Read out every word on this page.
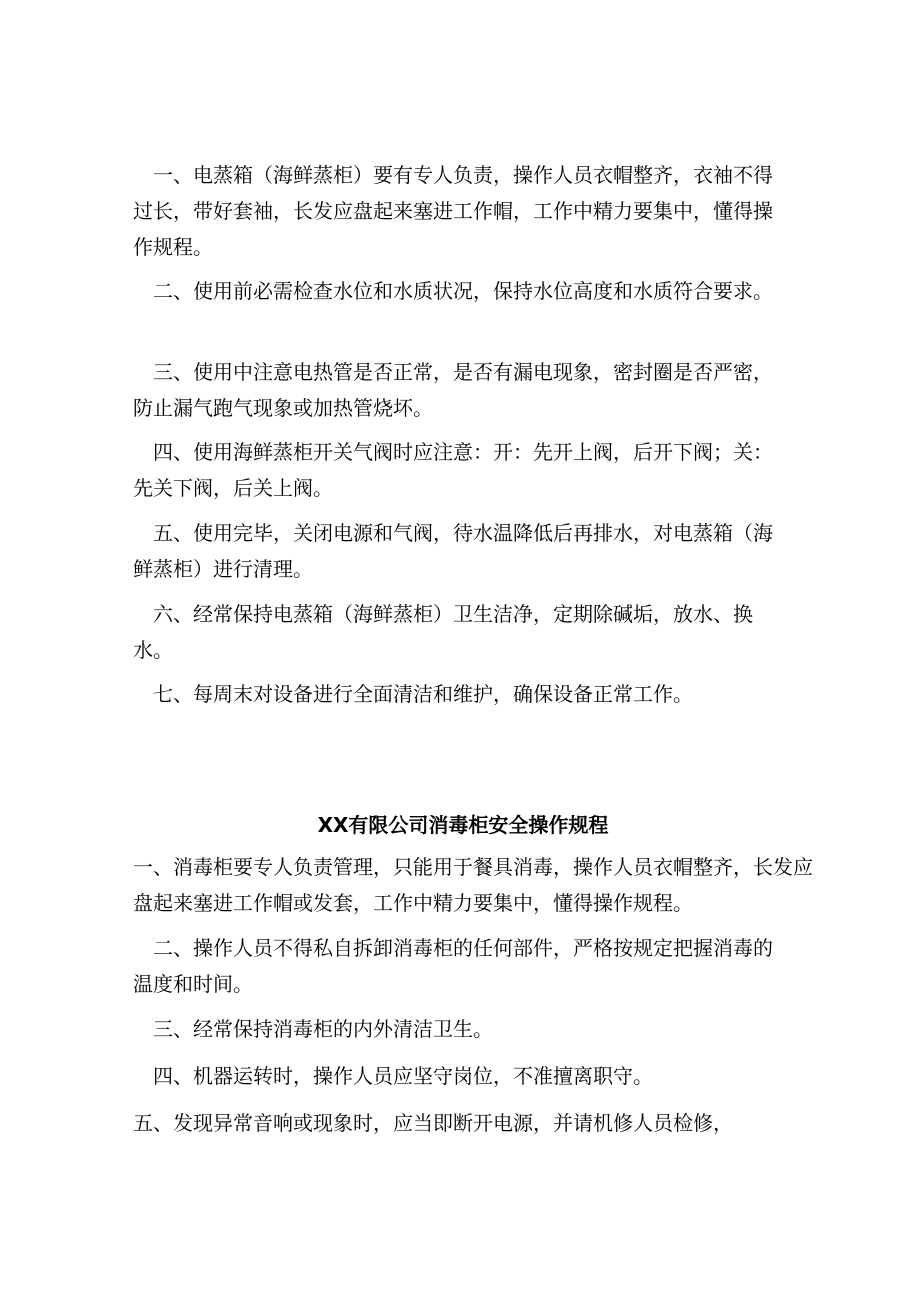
　一、电蒸箱（海鲜蒸柜）要有专人负责，操作人员衣帽整齐，衣袖不得过长，带好套袖，长发应盘起来塞进工作帽，工作中精力要集中，懂得操作规程。

　二、使用前必需检查水位和水质状况，保持水位高度和水质符合要求。

　三、使用中注意电热管是否正常，是否有漏电现象，密封圈是否严密，防止漏气跑气现象或加热管烧坏。

　四、使用海鲜蒸柜开关气阀时应注意：开：先开上阀，后开下阀；关：先关下阀，后关上阀。

　五、使用完毕，关闭电源和气阀，待水温降低后再排水，对电蒸箱（海鲜蒸柜）进行清理。

　六、经常保持电蒸箱（海鲜蒸柜）卫生洁净，定期除碱垢，放水、换水。

　七、每周末对设备进行全面清洁和维护，确保设备正常工作。

XX有限公司消毒柜安全操作规程

一、消毒柜要专人负责管理，只能用于餐具消毒，操作人员衣帽整齐，长发应盘起来塞进工作帽或发套，工作中精力要集中，懂得操作规程。

　二、操作人员不得私自拆卸消毒柜的任何部件，严格按规定把握消毒的温度和时间。

　三、经常保持消毒柜的内外清洁卫生。

　四、机器运转时，操作人员应坚守岗位，不准擅离职守。

五、发现异常音响或现象时，应当即断开电源，并请机修人员检修，
